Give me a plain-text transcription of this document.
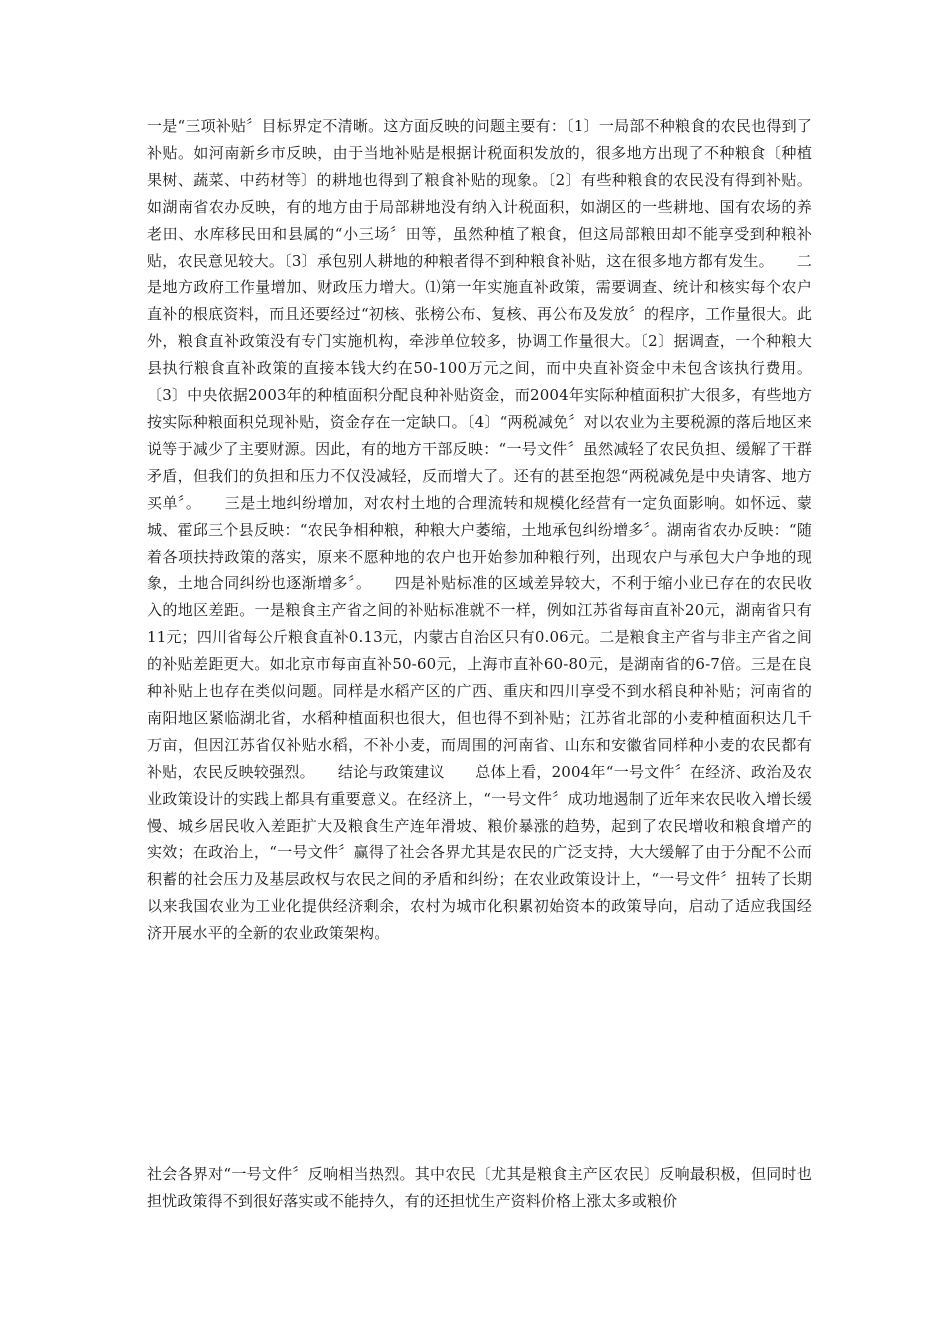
一是“三项补贴〞目标界定不清晰。这方面反映的问题主要有：〔1〕一局部不种粮食的农民也得到了补贴。如河南新乡市反映，由于当地补贴是根据计税面积发放的，很多地方出现了不种粮食〔种植果树、蔬菜、中药材等〕的耕地也得到了粮食补贴的现象。〔2〕有些种粮食的农民没有得到补贴。如湖南省农办反映，有的地方由于局部耕地没有纳入计税面积，如湖区的一些耕地、国有农场的养老田、水库移民田和县属的“小三场〞田等，虽然种植了粮食，但这局部粮田却不能享受到种粮补贴，农民意见较大。〔3〕承包别人耕地的种粮者得不到种粮食补贴，这在很多地方都有发生。　　二是地方政府工作量增加、财政压力增大。⑴第一年实施直补政策，需要调查、统计和核实每个农户直补的根底资料，而且还要经过“初核、张榜公布、复核、再公布及发放〞的程序，工作量很大。此外，粮食直补政策没有专门实施机构，牵涉单位较多，协调工作量很大。〔2〕据调查，一个种粮大县执行粮食直补政策的直接本钱大约在50-100万元之间，而中央直补资金中未包含该执行费用。〔3〕中央依据2003年的种植面积分配良种补贴资金，而2004年实际种植面积扩大很多，有些地方按实际种粮面积兑现补贴，资金存在一定缺口。〔4〕“两税减免〞对以农业为主要税源的落后地区来说等于减少了主要财源。因此，有的地方干部反映：“一号文件〞虽然减轻了农民负担、缓解了干群矛盾，但我们的负担和压力不仅没减轻，反而增大了。还有的甚至抱怨“两税减免是中央请客、地方买单〞。　　三是土地纠纷增加，对农村土地的合理流转和规模化经营有一定负面影响。如怀远、蒙城、霍邱三个县反映：“农民争相种粮，种粮大户萎缩，土地承包纠纷增多〞。湖南省农办反映：“随着各项扶持政策的落实，原来不愿种地的农户也开始参加种粮行列，出现农户与承包大户争地的现象，土地合同纠纷也逐渐增多〞。　　四是补贴标准的区域差异较大，不利于缩小业已存在的农民收入的地区差距。一是粮食主产省之间的补贴标准就不一样，例如江苏省每亩直补20元，湖南省只有11元；四川省每公斤粮食直补0.13元，内蒙古自治区只有0.06元。二是粮食主产省与非主产省之间的补贴差距更大。如北京市每亩直补50-60元，上海市直补60-80元，是湖南省的6-7倍。三是在良种补贴上也存在类似问题。同样是水稻产区的广西、重庆和四川享受不到水稻良种补贴；河南省的南阳地区紧临湖北省，水稻种植面积也很大，但也得不到补贴；江苏省北部的小麦种植面积达几千万亩，但因江苏省仅补贴水稻，不补小麦，而周围的河南省、山东和安徽省同样种小麦的农民都有补贴，农民反映较强烈。　　结论与政策建议　　总体上看，2004年“一号文件〞在经济、政治及农业政策设计的实践上都具有重要意义。在经济上，“一号文件〞成功地遏制了近年来农民收入增长缓慢、城乡居民收入差距扩大及粮食生产连年滑坡、粮价暴涨的趋势，起到了农民增收和粮食增产的实效；在政治上，“一号文件〞赢得了社会各界尤其是农民的广泛支持，大大缓解了由于分配不公而积蓄的社会压力及基层政权与农民之间的矛盾和纠纷；在农业政策设计上，“一号文件〞扭转了长期以来我国农业为工业化提供经济剩余，农村为城市化积累初始资本的政策导向，启动了适应我国经济开展水平的全新的农业政策架构。
社会各界对“一号文件〞反响相当热烈。其中农民〔尤其是粮食主产区农民〕反响最积极，但同时也担忧政策得不到很好落实或不能持久，有的还担忧生产资料价格上涨太多或粮价
